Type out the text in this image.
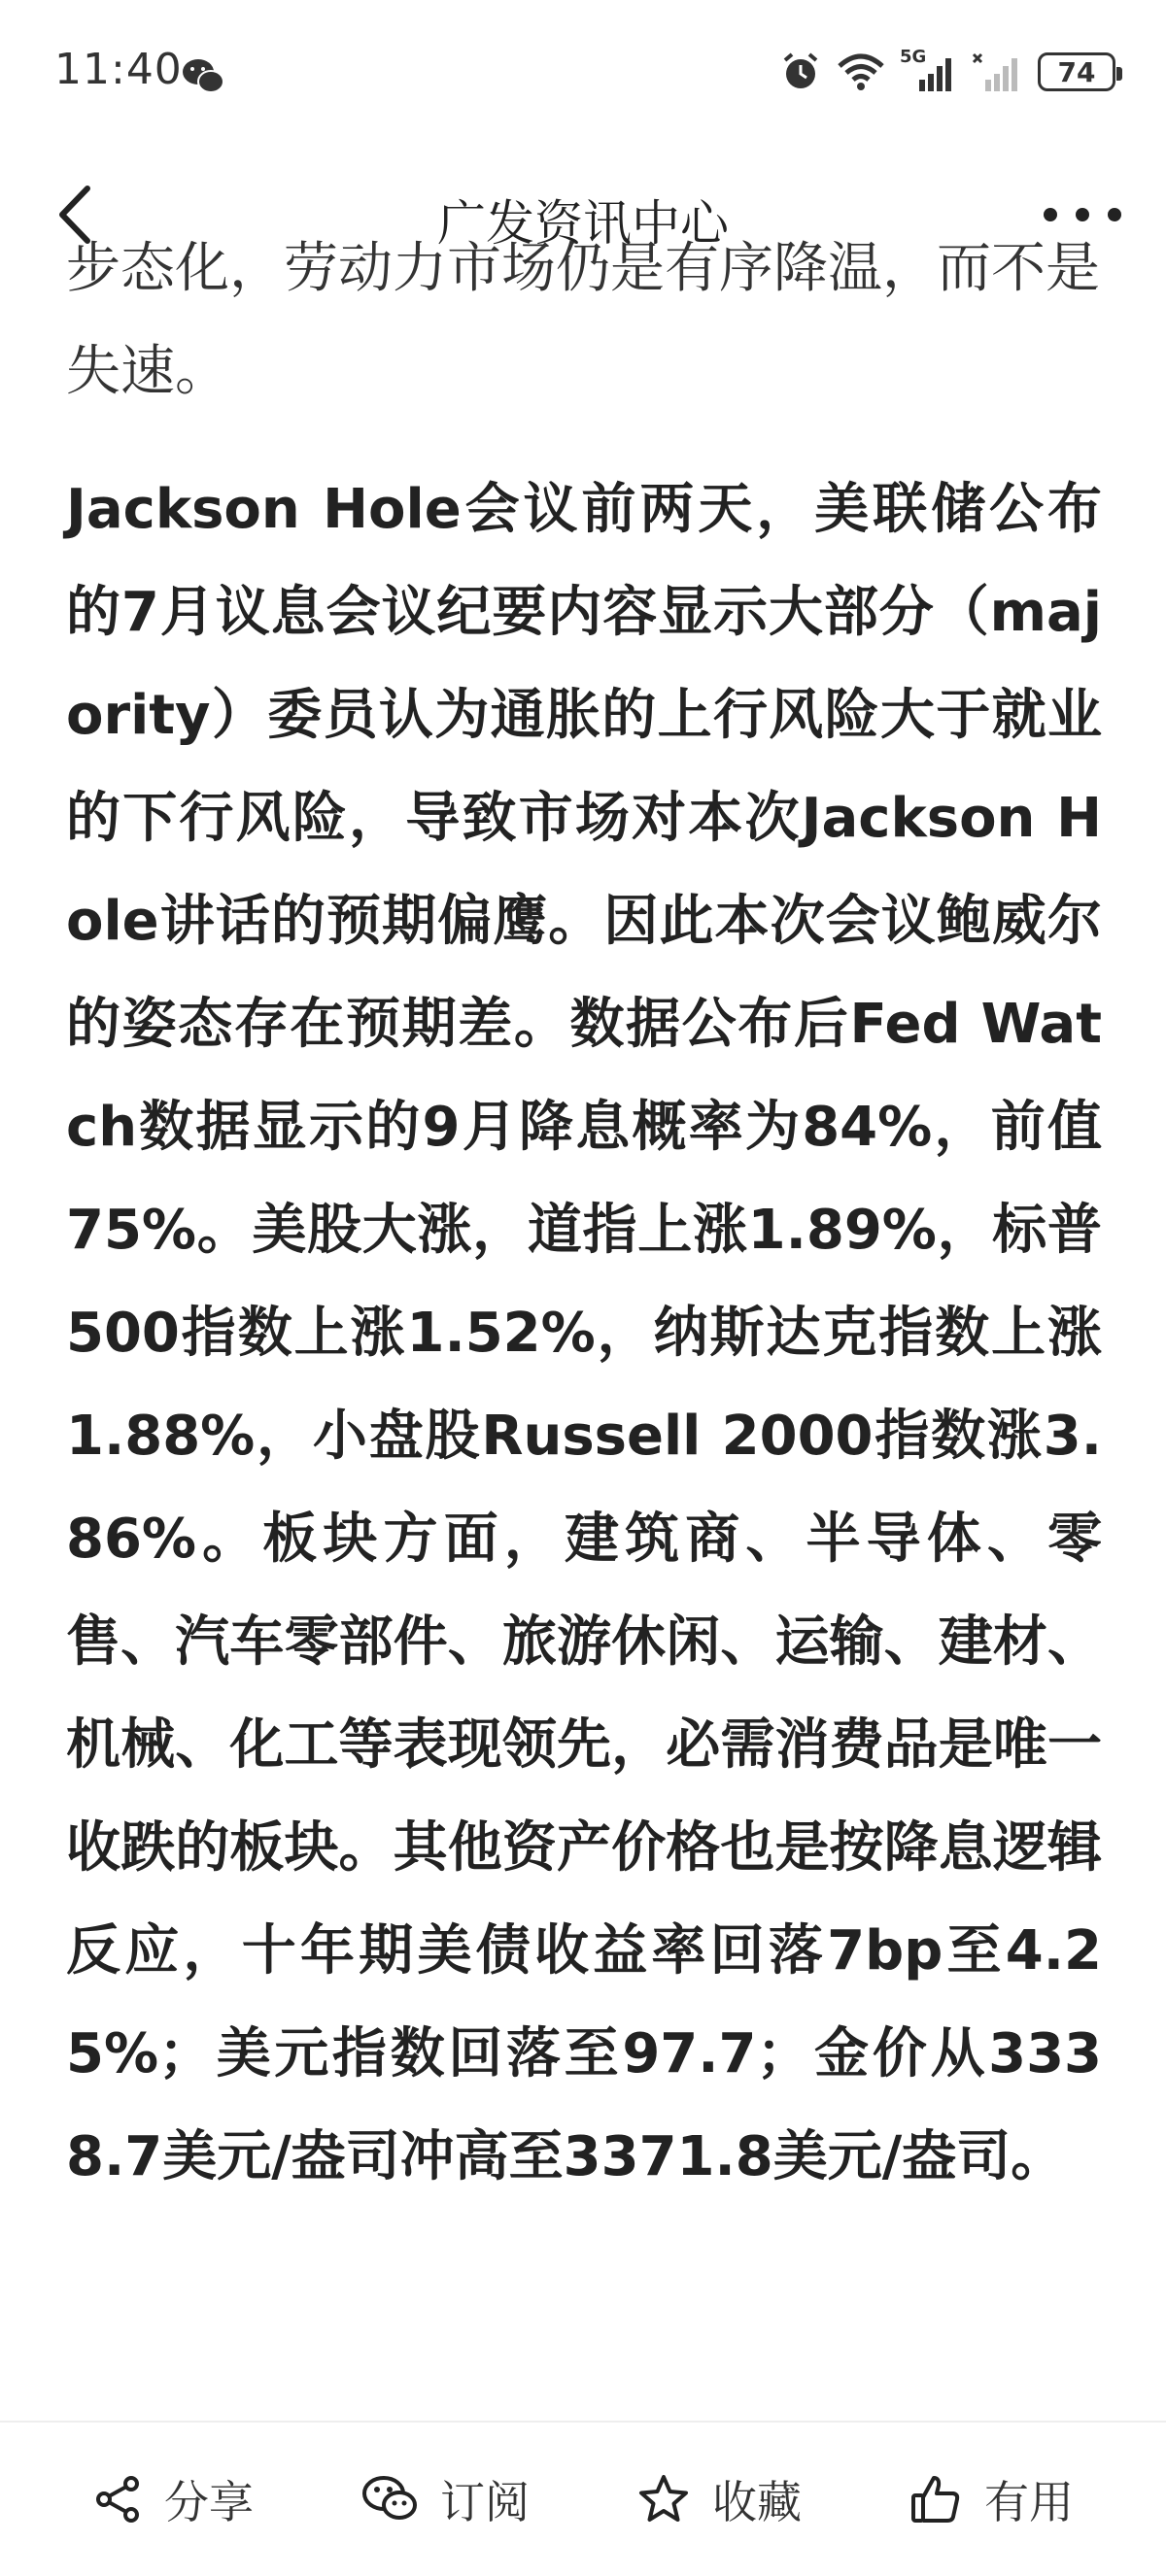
11:40	5G	74
广发资讯中心

步态化，劳动力市场仍是有序降温，而不是失速。

Jackson Hole会议前两天，美联储公布的7月议息会议纪要内容显示大部分（majority）委员认为通胀的上行风险大于就业的下行风险，导致市场对本次Jackson Hole讲话的预期偏鹰。因此本次会议鲍威尔的姿态存在预期差。数据公布后Fed Watch数据显示的9月降息概率为84%，前值75%。美股大涨，道指上涨1.89%，标普500指数上涨1.52%，纳斯达克指数上涨1.88%，小盘股Russell 2000指数涨3.86%。板块方面，建筑商、半导体、零售、汽车零部件、旅游休闲、运输、建材、机械、化工等表现领先，必需消费品是唯一收跌的板块。其他资产价格也是按降息逻辑反应，十年期美债收益率回落7bp至4.25%；美元指数回落至97.7；金价从3338.7美元/盎司冲高至3371.8美元/盎司。

分享	订阅	收藏	有用
